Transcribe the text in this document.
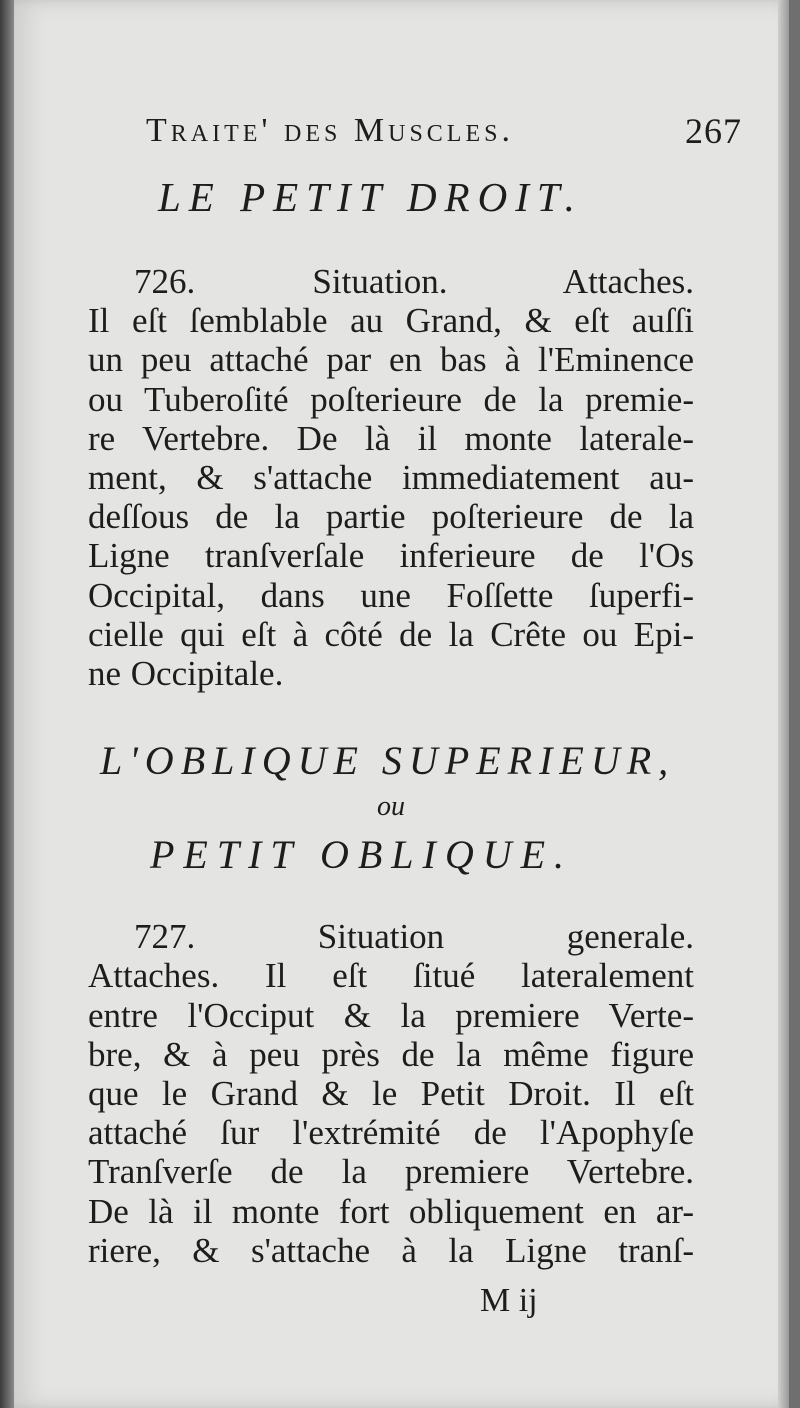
Traite' des Muscles.	267
LE PETIT DROIT.
726. Situation. Attaches.
Il eſt ſemblable au Grand, & eſt auſſi
un peu attaché par en bas à l'Eminence
ou Tuberoſité poſterieure de la premie-
re Vertebre. De là il monte laterale-
ment, & s'attache immediatement au-
deſſous de la partie poſterieure de la
Ligne tranſverſale inferieure de l'Os
Occipital, dans une Foſſette ſuperfi-
cielle qui eſt à côté de la Crête ou Epi-
ne Occipitale.
L'OBLIQUE SUPERIEUR,
ou
PETIT OBLIQUE.
727. Situation generale.
Attaches. Il eſt ſitué lateralement
entre l'Occiput & la premiere Verte-
bre, & à peu près de la même figure
que le Grand & le Petit Droit. Il eſt
attaché ſur l'extrémité de l'Apophyſe
Tranſverſe de la premiere Vertebre.
De là il monte fort obliquement en ar-
riere, & s'attache à la Ligne tranſ-
M ij
